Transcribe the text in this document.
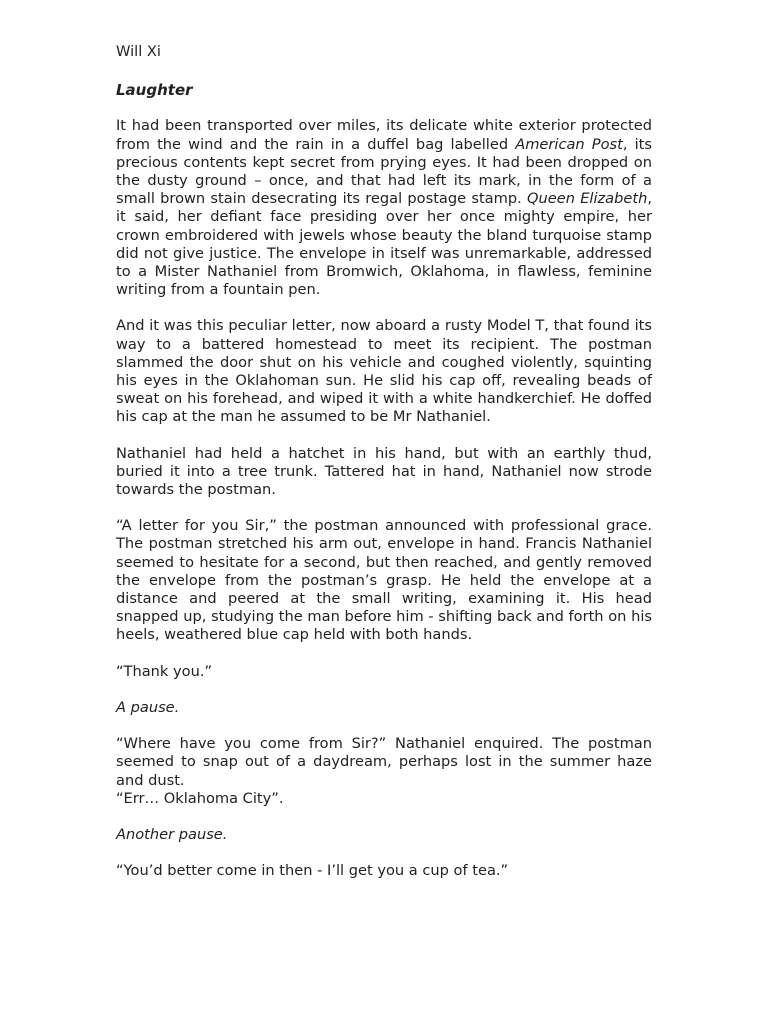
Will Xi
Laughter

It had been transported over miles, its delicate white exterior protected from the wind and the rain in a duffel bag labelled American Post, its precious contents kept secret from prying eyes. It had been dropped on the dusty ground – once, and that had left its mark, in the form of a small brown stain desecrating its regal postage stamp. Queen Elizabeth, it said, her defiant face presiding over her once mighty empire, her crown embroidered with jewels whose beauty the bland turquoise stamp did not give justice. The envelope in itself was unremarkable, addressed to a Mister Nathaniel from Bromwich, Oklahoma, in flawless, feminine writing from a fountain pen.

And it was this peculiar letter, now aboard a rusty Model T, that found its way to a battered homestead to meet its recipient. The postman slammed the door shut on his vehicle and coughed violently, squinting his eyes in the Oklahoman sun. He slid his cap off, revealing beads of sweat on his forehead, and wiped it with a white handkerchief. He doffed his cap at the man he assumed to be Mr Nathaniel.

Nathaniel had held a hatchet in his hand, but with an earthly thud, buried it into a tree trunk. Tattered hat in hand, Nathaniel now strode towards the postman.

“A letter for you Sir,” the postman announced with professional grace. The postman stretched his arm out, envelope in hand. Francis Nathaniel seemed to hesitate for a second, but then reached, and gently removed the envelope from the postman’s grasp. He held the envelope at a distance and peered at the small writing, examining it. His head snapped up, studying the man before him - shifting back and forth on his heels, weathered blue cap held with both hands.

“Thank you.”

A pause.

“Where have you come from Sir?” Nathaniel enquired. The postman seemed to snap out of a daydream, perhaps lost in the summer haze and dust.

“Err… Oklahoma City”.

Another pause.

“You’d better come in then - I’ll get you a cup of tea.”
